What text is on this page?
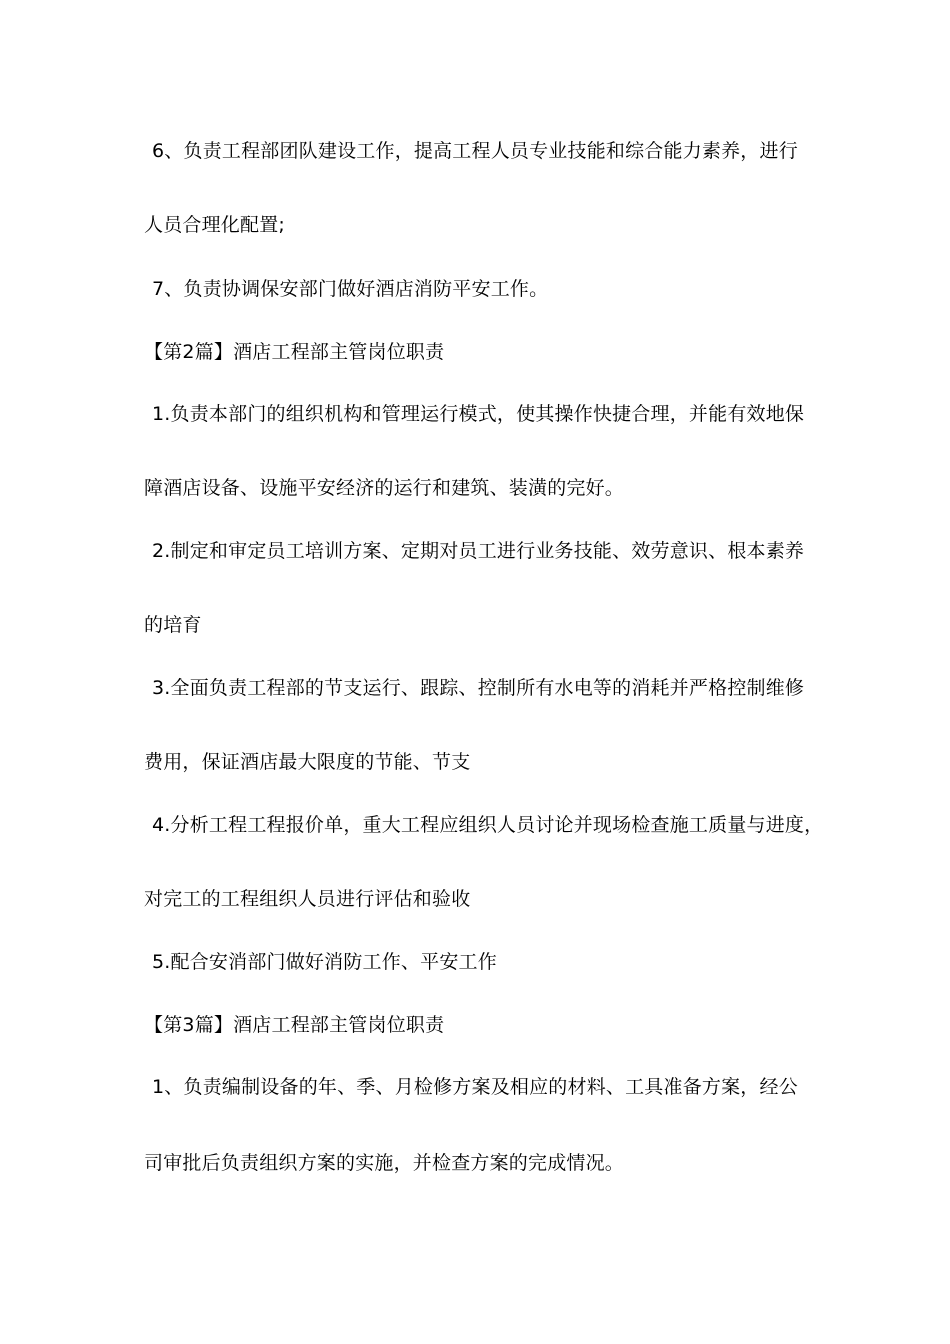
6、负责工程部团队建设工作，提高工程人员专业技能和综合能力素养，进行
人员合理化配置;
7、负责协调保安部门做好酒店消防平安工作。
【第2篇】酒店工程部主管岗位职责
1.负责本部门的组织机构和管理运行模式，使其操作快捷合理，并能有效地保
障酒店设备、设施平安经济的运行和建筑、装潢的完好。
2.制定和审定员工培训方案、定期对员工进行业务技能、效劳意识、根本素养
的培育
3.全面负责工程部的节支运行、跟踪、控制所有水电等的消耗并严格控制维修
费用，保证酒店最大限度的节能、节支
4.分析工程工程报价单，重大工程应组织人员讨论并现场检查施工质量与进度，
对完工的工程组织人员进行评估和验收
5.配合安消部门做好消防工作、平安工作
【第3篇】酒店工程部主管岗位职责
1、负责编制设备的年、季、月检修方案及相应的材料、工具准备方案，经公
司审批后负责组织方案的实施，并检查方案的完成情况。
